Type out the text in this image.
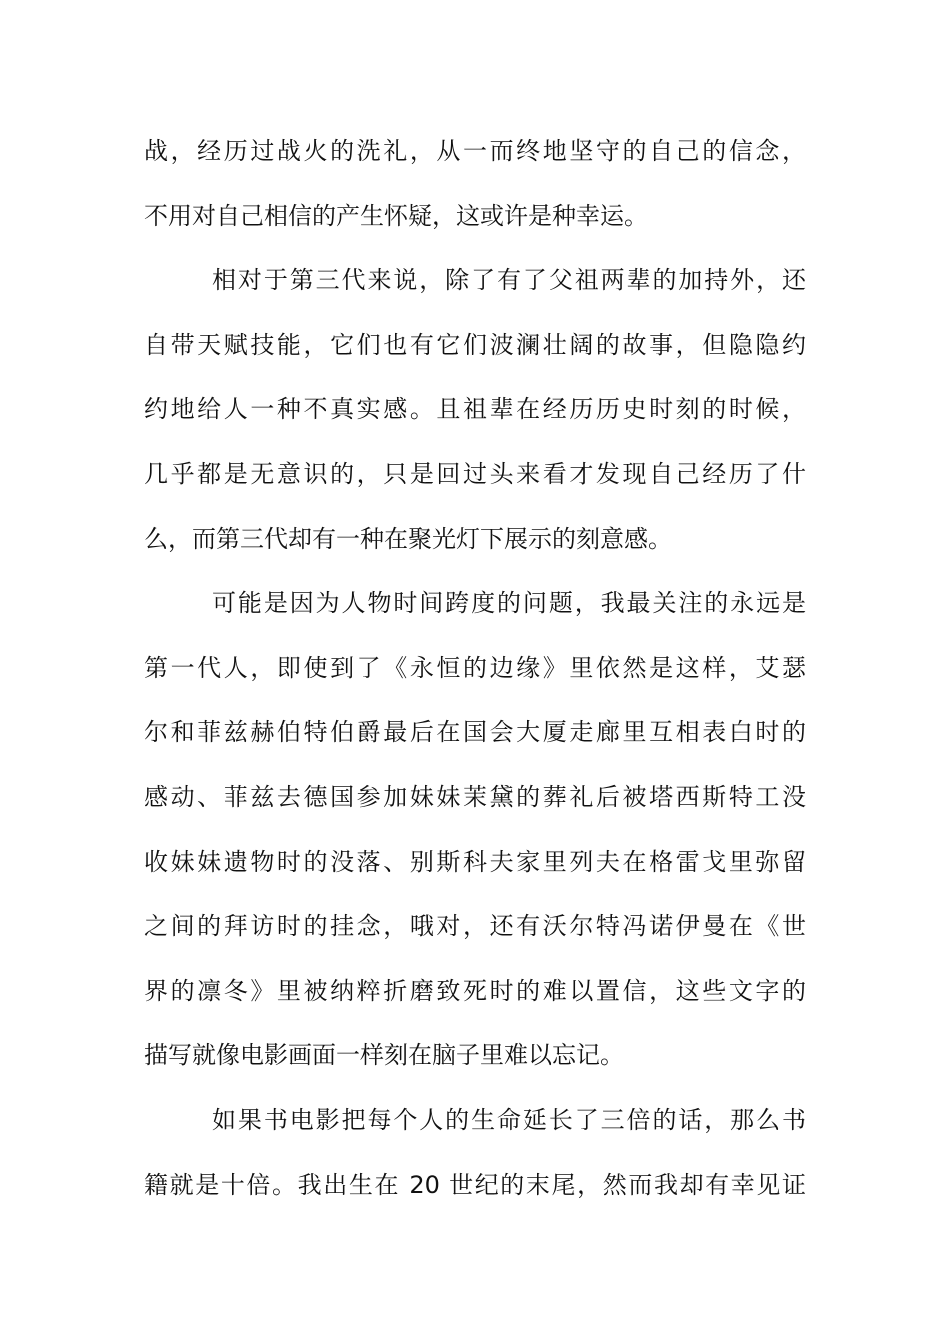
战，经历过战火的洗礼，从一而终地坚守的自己的信念，
不用对自己相信的产生怀疑，这或许是种幸运。
相对于第三代来说，除了有了父祖两辈的加持外，还
自带天赋技能，它们也有它们波澜壮阔的故事，但隐隐约
约地给人一种不真实感。且祖辈在经历历史时刻的时候，
几乎都是无意识的，只是回过头来看才发现自己经历了什
么，而第三代却有一种在聚光灯下展示的刻意感。
可能是因为人物时间跨度的问题，我最关注的永远是
第一代人，即使到了《永恒的边缘》里依然是这样，艾瑟
尔和菲兹赫伯特伯爵最后在国会大厦走廊里互相表白时的
感动、菲兹去德国参加妹妹茉黛的葬礼后被塔西斯特工没
收妹妹遗物时的没落、别斯科夫家里列夫在格雷戈里弥留
之间的拜访时的挂念，哦对，还有沃尔特冯诺伊曼在《世
界的凛冬》里被纳粹折磨致死时的难以置信，这些文字的
描写就像电影画面一样刻在脑子里难以忘记。
如果书电影把每个人的生命延长了三倍的话，那么书
籍就是十倍。我出生在 20 世纪的末尾，然而我却有幸见证
